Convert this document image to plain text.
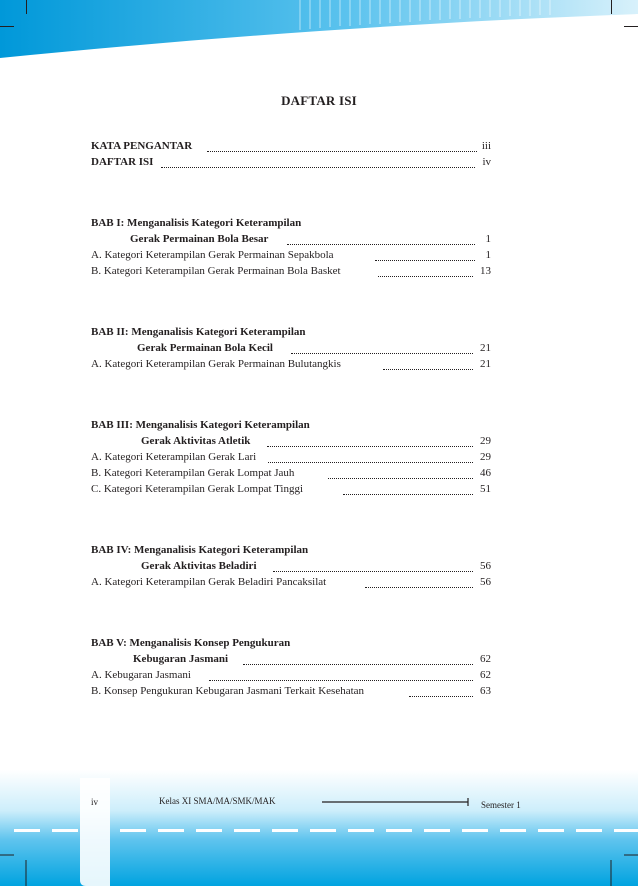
DAFTAR ISI
KATA PENGANTAR	iii
DAFTAR ISI	iv
BAB I: Menganalisis Kategori Keterampilan
Gerak Permainan Bola Besar	1
A. Kategori Keterampilan Gerak Permainan Sepakbola	1
B. Kategori Keterampilan Gerak Permainan Bola Basket	13
BAB II: Menganalisis Kategori Keterampilan
Gerak Permainan Bola Kecil	21
A. Kategori Keterampilan Gerak Permainan Bulutangkis	21
BAB III: Menganalisis Kategori Keterampilan
Gerak Aktivitas Atletik	29
A. Kategori Keterampilan Gerak Lari	29
B. Kategori Keterampilan Gerak Lompat Jauh	46
C. Kategori Keterampilan Gerak Lompat Tinggi	51
BAB IV: Menganalisis Kategori Keterampilan
Gerak Aktivitas Beladiri	56
A. Kategori Keterampilan Gerak Beladiri Pancaksilat	56
BAB V: Menganalisis Konsep Pengukuran
Kebugaran Jasmani	62
A. Kebugaran Jasmani	62
B. Konsep Pengukuran Kebugaran Jasmani Terkait Kesehatan	63
iv	Kelas XI SMA/MA/SMK/MAK	Semester 1
